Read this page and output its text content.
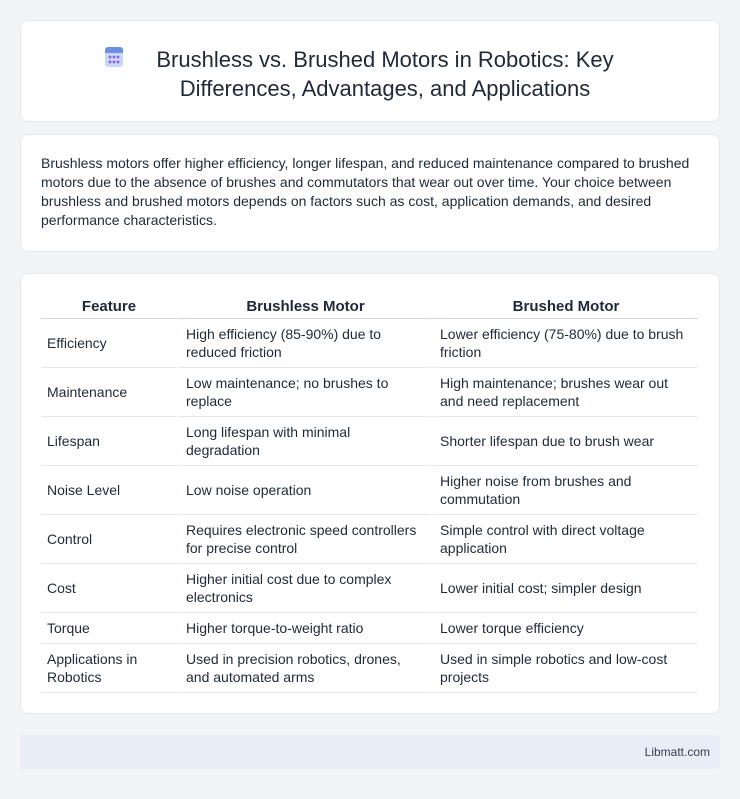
Brushless vs. Brushed Motors in Robotics: Key Differences, Advantages, and Applications

Brushless motors offer higher efficiency, longer lifespan, and reduced maintenance compared to brushed motors due to the absence of brushes and commutators that wear out over time. Your choice between brushless and brushed motors depends on factors such as cost, application demands, and desired performance characteristics.

Feature	Brushless Motor	Brushed Motor
Efficiency	High efficiency (85-90%) due to reduced friction	Lower efficiency (75-80%) due to brush friction
Maintenance	Low maintenance; no brushes to replace	High maintenance; brushes wear out and need replacement
Lifespan	Long lifespan with minimal degradation	Shorter lifespan due to brush wear
Noise Level	Low noise operation	Higher noise from brushes and commutation
Control	Requires electronic speed controllers for precise control	Simple control with direct voltage application
Cost	Higher initial cost due to complex electronics	Lower initial cost; simpler design
Torque	Higher torque-to-weight ratio	Lower torque efficiency
Applications in Robotics	Used in precision robotics, drones, and automated arms	Used in simple robotics and low-cost projects
Libmatt.com
